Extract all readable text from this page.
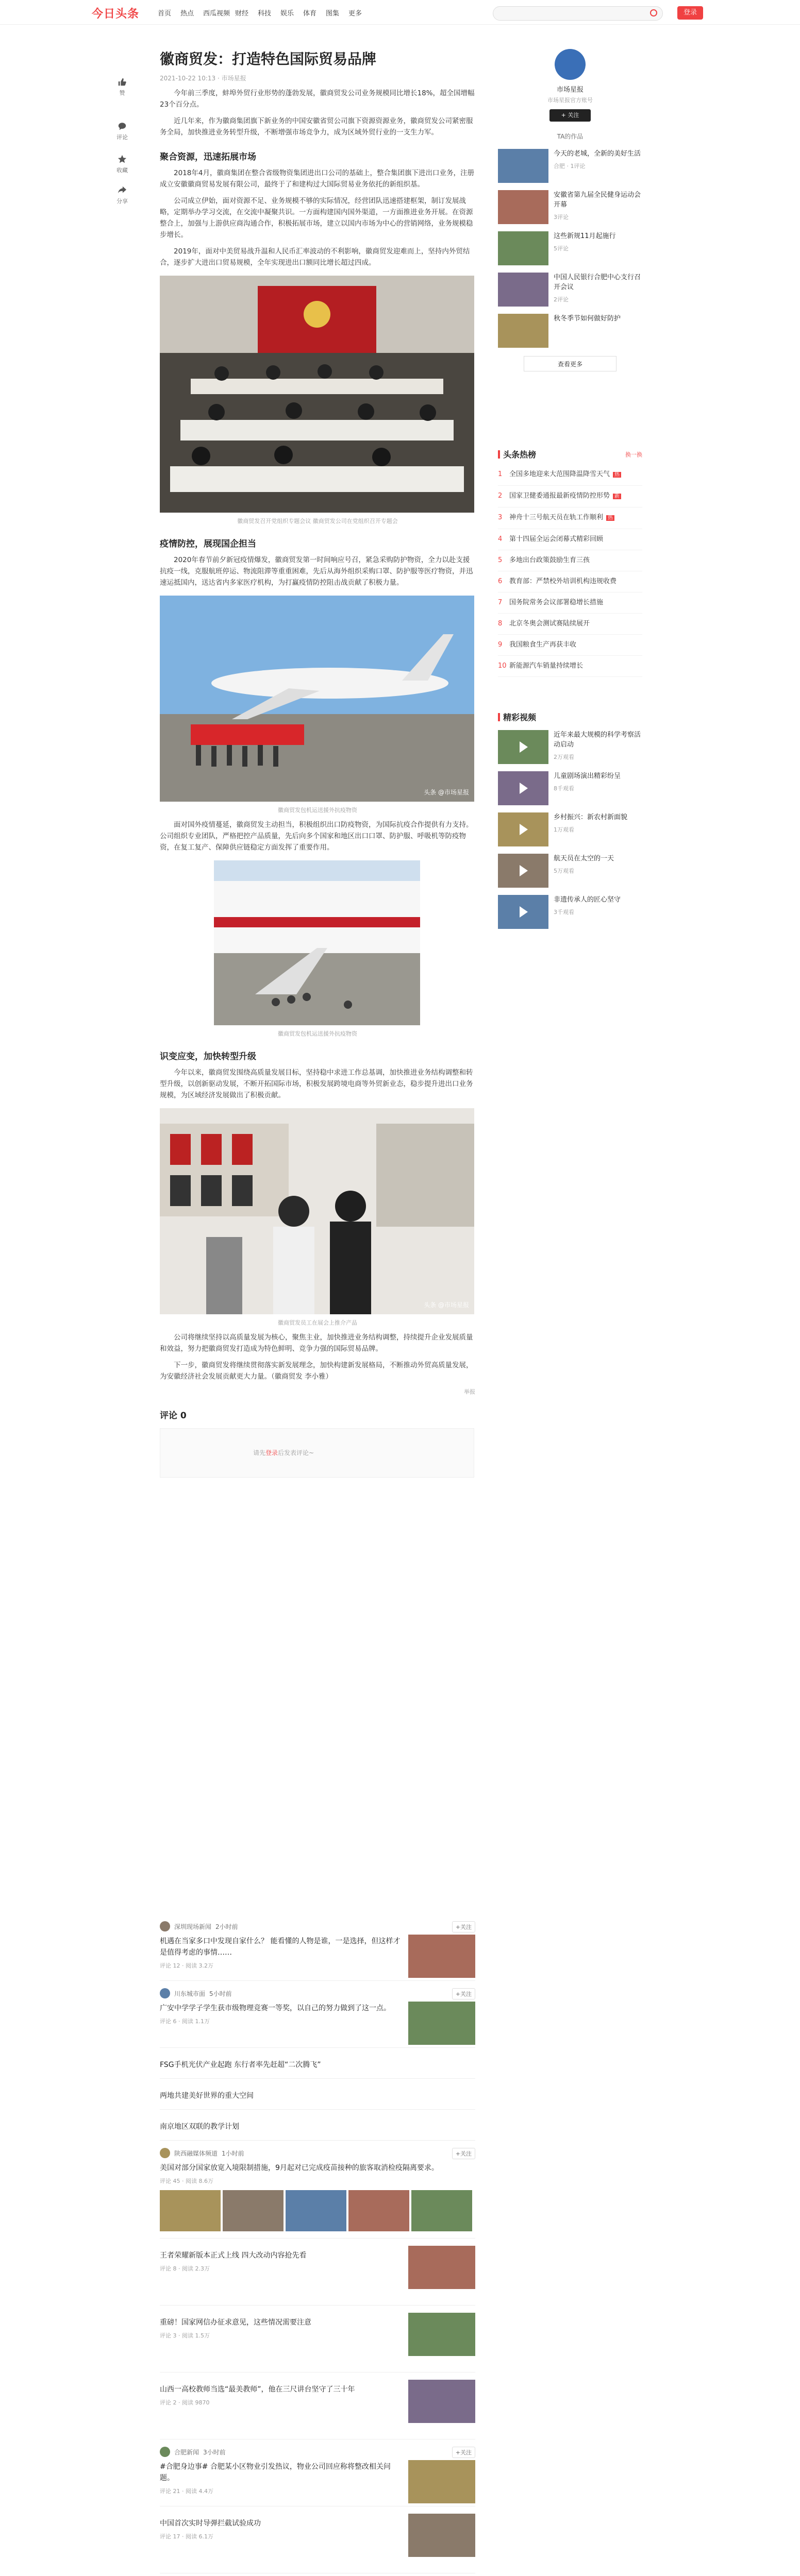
今日头条	首页	热点	西瓜视频 财经	科技	娱乐	体育	图集	更多	登录
赞
评论
收藏
分享
徽商贸发：打造特色国际贸易品牌
2021-10-22 10:13 · 市场星报

今年前三季度，蚌埠外贸行业形势的蓬勃发展，徽商贸发公司业务规模同比增长18%，超全国增幅23个百分点。

近几年来，作为徽商集团旗下新业务的中国安徽省贸公司旗下资源资源业务，徽商贸发公司紧密服务全局，加快推进业务转型升级，不断增强市场竞争力，成为区域外贸行业的一支生力军。

聚合资源，迅速拓展市场

2018年4月，徽商集团在整合省级物资集团进出口公司的基础上，整合集团旗下进出口业务，注册成立安徽徽商贸易发展有限公司，最终于了和建构过大国际贸易业务依托的新组织基。

公司成立伊始，面对资源不足、业务规模不够的实际情况，经营团队迅速搭建框架，制订发展战略，定期举办学习交流，在交流中凝聚共识。一方面构建国内国外渠道，一方面推进业务开展。在资源整合上，加强与上游供应商沟通合作，积极拓展市场，建立以国内市场为中心的营销网络，业务规模稳步增长。

2019年，面对中美贸易战升温和人民币汇率波动的不利影响，徽商贸发迎难而上，坚持内外贸结合，逐步扩大进出口贸易规模，全年实现进出口额同比增长超过四成。

徽商贸发召开党组织专题会议 徽商贸发公司在党组织召开专题会
疫情防控，展现国企担当

2020年春节前夕新冠疫情爆发，徽商贸发第一时间响应号召，紧急采购防护物资，全力以赴支援抗疫一线，克服航班停运、物流阻滞等重重困难，先后从海外组织采购口罩、防护服等医疗物资，并迅速运抵国内，送达省内多家医疗机构，为打赢疫情防控阻击战贡献了积极力量。

头条 @市场星报
徽商贸发包机运送援外抗疫物资

面对国外疫情蔓延，徽商贸发主动担当，积极组织出口防疫物资，为国际抗疫合作提供有力支持。公司组织专业团队，严格把控产品质量，先后向多个国家和地区出口口罩、防护服、呼吸机等防疫物资，在复工复产、保障供应链稳定方面发挥了重要作用。

徽商贸发包机运送援外抗疫物资
识变应变，加快转型升级

今年以来，徽商贸发围绕高质量发展目标，坚持稳中求进工作总基调，加快推进业务结构调整和转型升级，以创新驱动发展，不断开拓国际市场，积极发展跨境电商等外贸新业态，稳步提升进出口业务规模，为区域经济发展做出了积极贡献。

头条 @市场星报
徽商贸发员工在展会上推介产品

公司将继续坚持以高质量发展为核心，聚焦主业，加快推进业务结构调整，持续提升企业发展质量和效益，努力把徽商贸发打造成为特色鲜明、竞争力强的国际贸易品牌。

下一步，徽商贸发将继续贯彻落实新发展理念，加快构建新发展格局，不断推动外贸高质量发展，为安徽经济社会发展贡献更大力量。（徽商贸发 李小雅）

举报
评论 0
请先登录后发表评论~
深圳现场新闻 2小时前
机遇在当家多口中发现自家什么？ 能看懂的人物是谁，一是选择，但这样才是值得考虑的事情……
评论 12 · 阅读 3.2万
+关注
川东城市面 5小时前
广安中学学子学生获市级物理竞赛一等奖，以自己的努力做到了这一点。
评论 6 · 阅读 1.1万
+关注
FSG手机光伏产业起跑 东行者率先赶超“二次腾飞”
两地共建美好世界的重大空间
南京地区双联的教学计划
陕西融媒体频道 1小时前
美国对部分国家放宽入境限制措施，9月起对已完成疫苗接种的旅客取消检疫隔离要求。
评论 45 · 阅读 8.6万
+关注
王者荣耀新版本正式上线 四大改动内容抢先看
评论 8 · 阅读 2.3万
重磅！国家网信办征求意见，这些情况需要注意
评论 3 · 阅读 1.5万
山西一高校教师当选“最美教师”，他在三尺讲台坚守了三十年
评论 2 · 阅读 9870
合肥新闻 3小时前
#合肥身边事# 合肥某小区物业引发热议，物业公司回应称将整改相关问题。
评论 21 · 阅读 4.4万
+关注
中国首次实时导弹拦截试验成功
评论 17 · 阅读 6.1万
市场星报
市场星报官方账号
+ 关注
TA的作品
今天的老城，全新的美好生活
合肥 · 1评论
安徽省第九届全民健身运动会开幕
3评论
这些新规11月起施行
5评论
中国人民银行合肥中心支行召开会议
2评论
秋冬季节如何做好防护
查看更多
头条热榜	换一换
1 全国多地迎来大范围降温降雪天气 热
2 国家卫健委通报最新疫情防控形势 新
3 神舟十三号航天员在轨工作顺利 热
4 第十四届全运会闭幕式精彩回顾
5 多地出台政策鼓励生育三孩
6 教育部：严禁校外培训机构违规收费
7 国务院常务会议部署稳增长措施
8 北京冬奥会测试赛陆续展开
9 我国粮食生产再获丰收
10 新能源汽车销量持续增长
精彩视频
近年来最大规模的科学考察活动启动
2万观看
儿童剧场演出精彩纷呈
8千观看
乡村振兴：新农村新面貌
1万观看
航天员在太空的一天
5万观看
非遗传承人的匠心坚守
3千观看
